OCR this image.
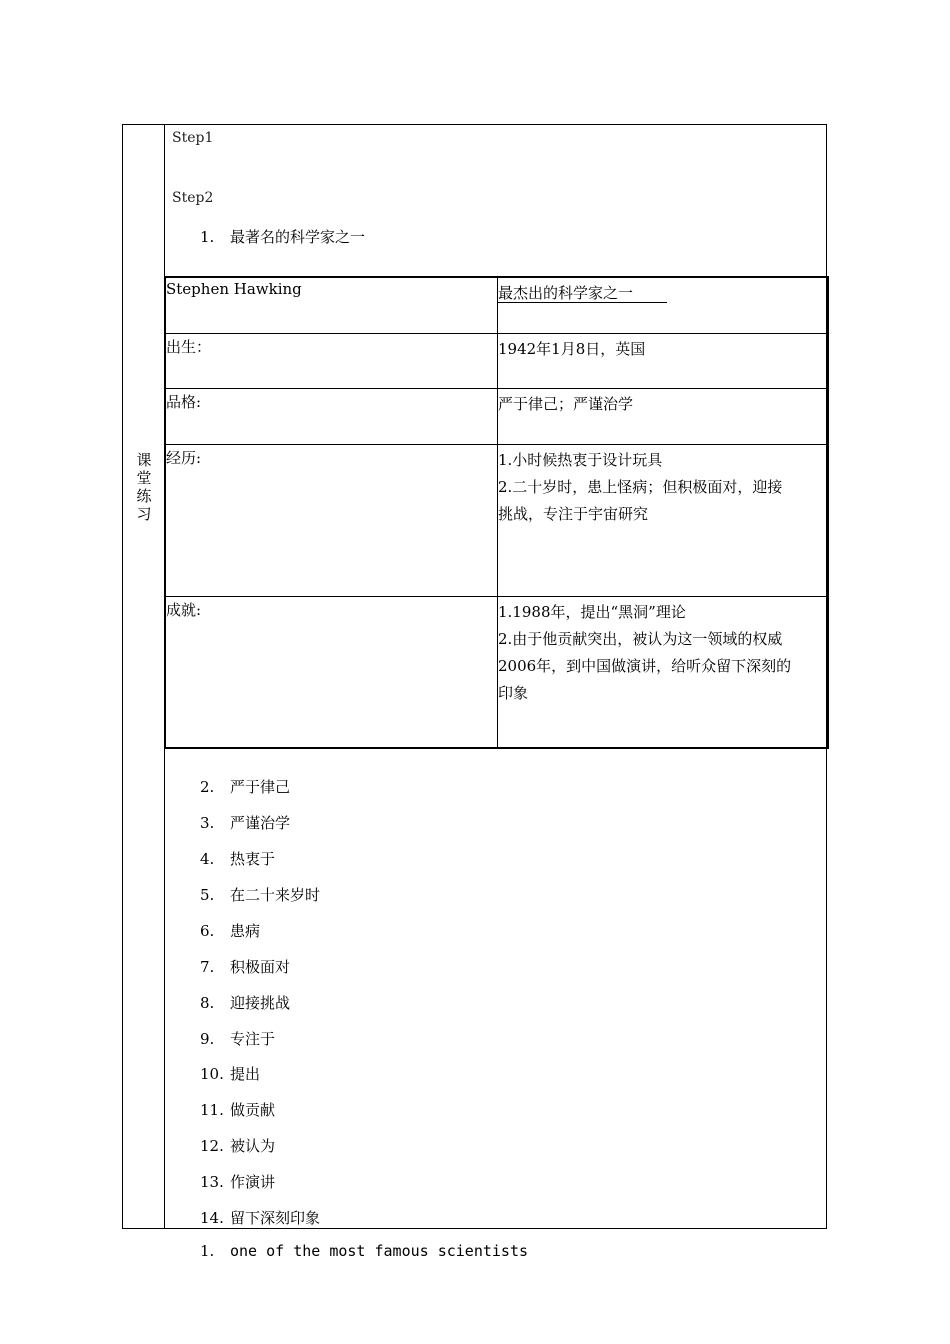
课堂练习
Step1
Step2
1. 最著名的科学家之一
Stephen Hawking	最杰出的科学家之一
出生：	1942年1月8日，英国
品格:	严于律己；严谨治学
经历:	1.小时候热衷于设计玩具
2.二十岁时，患上怪病；但积极面对，迎接
挑战，专注于宇宙研究
成就:	1.1988年，提出“黑洞”理论
2.由于他贡献突出，被认为这一领域的权威
2006年，到中国做演讲，给听众留下深刻的
印象
2. 严于律己
3. 严谨治学
4. 热衷于
5. 在二十来岁时
6. 患病
7. 积极面对
8. 迎接挑战
9. 专注于
10. 提出
11. 做贡献
12. 被认为
13. 作演讲
14. 留下深刻印象
1. one of the most famous scientists
